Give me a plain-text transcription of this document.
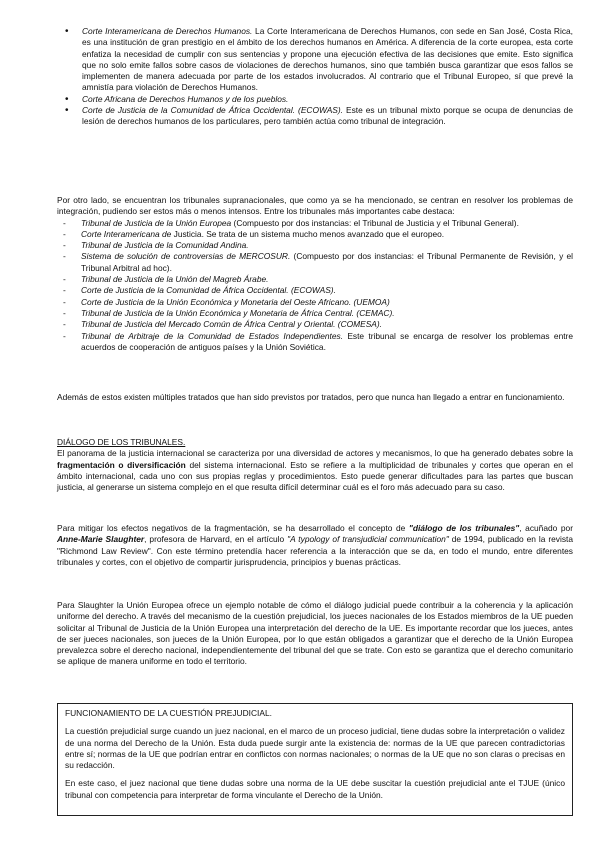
• Corte Interamericana de Derechos Humanos. La Corte Interamericana de Derechos Humanos, con sede en San José, Costa Rica, es una institución de gran prestigio en el ámbito de los derechos humanos en América. A diferencia de la corte europea, esta corte enfatiza la necesidad de cumplir con sus sentencias y propone una ejecución efectiva de las decisiones que emite. Esto significa que no solo emite fallos sobre casos de violaciones de derechos humanos, sino que también busca garantizar que esos fallos se implementen de manera adecuada por parte de los estados involucrados. Al contrario que el Tribunal Europeo, sí que prevé la amnistía para violación de Derechos Humanos.
• Corte Africana de Derechos Humanos y de los pueblos.
• Corte de Justicia de la Comunidad de África Occidental. (ECOWAS). Este es un tribunal mixto porque se ocupa de denuncias de lesión de derechos humanos de los particulares, pero también actúa como tribunal de integración.

Por otro lado, se encuentran los tribunales supranacionales, que como ya se ha mencionado, se centran en resolver los problemas de integración, pudiendo ser estos más o menos intensos. Entre los tribunales más importantes cabe destaca:

- Tribunal de Justicia de la Unión Europea (Compuesto por dos instancias: el Tribunal de Justicia y el Tribunal General).
- Corte Interamericana de Justicia. Se trata de un sistema mucho menos avanzado que el europeo.
- Tribunal de Justicia de la Comunidad Andina.
- Sistema de solución de controversias de MERCOSUR. (Compuesto por dos instancias: el Tribunal Permanente de Revisión, y el Tribunal Arbitral ad hoc).
- Tribunal de Justicia de la Unión del Magreb Árabe.
- Corte de Justicia de la Comunidad de África Occidental. (ECOWAS).
- Corte de Justicia de la Unión Económica y Monetaria del Oeste Africano. (UEMOA)
- Tribunal de Justicia de la Unión Económica y Monetaria de África Central. (CEMAC).
- Tribunal de Justicia del Mercado Común de África Central y Oriental. (COMESA).
- Tribunal de Arbitraje de la Comunidad de Estados Independientes. Este tribunal se encarga de resolver los problemas entre acuerdos de cooperación de antiguos países y la Unión Soviética.

Además de estos existen múltiples tratados que han sido previstos por tratados, pero que nunca han llegado a entrar en funcionamiento.

DIÁLOGO DE LOS TRIBUNALES.

El panorama de la justicia internacional se caracteriza por una diversidad de actores y mecanismos, lo que ha generado debates sobre la fragmentación o diversificación del sistema internacional. Esto se refiere a la multiplicidad de tribunales y cortes que operan en el ámbito internacional, cada uno con sus propias reglas y procedimientos. Esto puede generar dificultades para las partes que buscan justicia, al generarse un sistema complejo en el que resulta difícil determinar cuál es el foro más adecuado para su caso.

Para mitigar los efectos negativos de la fragmentación, se ha desarrollado el concepto de "diálogo de los tribunales", acuñado por Anne-Marie Slaughter, profesora de Harvard, en el artículo "A typology of transjudicial communication" de 1994, publicado en la revista "Richmond Law Review". Con este término pretendía hacer referencia a la interacción que se da, en todo el mundo, entre diferentes tribunales y cortes, con el objetivo de compartir jurisprudencia, principios y buenas prácticas.

Para Slaughter la Unión Europea ofrece un ejemplo notable de cómo el diálogo judicial puede contribuir a la coherencia y la aplicación uniforme del derecho. A través del mecanismo de la cuestión prejudicial, los jueces nacionales de los Estados miembros de la UE pueden solicitar al Tribunal de Justicia de la Unión Europea una interpretación del derecho de la UE. Es importante recordar que los jueces, antes de ser jueces nacionales, son jueces de la Unión Europea, por lo que están obligados a garantizar que el derecho de la Unión Europea prevalezca sobre el derecho nacional, independientemente del tribunal del que se trate. Con esto se garantiza que el derecho comunitario se aplique de manera uniforme en todo el territorio.

FUNCIONAMIENTO DE LA CUESTIÓN PREJUDICIAL.

La cuestión prejudicial surge cuando un juez nacional, en el marco de un proceso judicial, tiene dudas sobre la interpretación o validez de una norma del Derecho de la Unión. Esta duda puede surgir ante la existencia de: normas de la UE que parecen contradictorias entre sí; normas de la UE que podrían entrar en conflictos con normas nacionales; o normas de la UE que no son claras o precisas en su redacción.

En este caso, el juez nacional que tiene dudas sobre una norma de la UE debe suscitar la cuestión prejudicial ante el TJUE (único tribunal con competencia para interpretar de forma vinculante el Derecho de la Unión.
